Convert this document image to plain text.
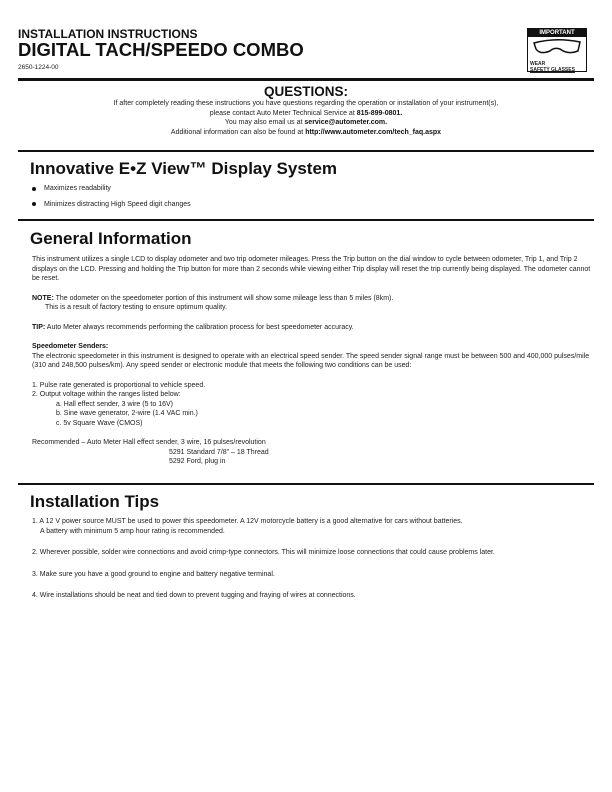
INSTALLATION INSTRUCTIONS
DIGITAL TACH/SPEEDO COMBO
2650-1224-00
IMPORTANT
WEAR
SAFETY GLASSES
QUESTIONS:
If after completely reading these instructions you have questions regarding the operation or installation of your instrument(s),
please contact Auto Meter Technical Service at 815-899-0801.
You may also email us at service@autometer.com.
Additional information can also be found at http://www.autometer.com/tech_faq.aspx
Innovative E•Z View™ Display System
Maximizes readability
Minimizes distracting High Speed digit changes
General Information

This instrument utilizes a single LCD to display odometer and two trip odometer mileages. Press the Trip button on the dial window to cycle between odometer, Trip 1, and Trip 2 displays on the LCD. Pressing and holding the Trip button for more than 2 seconds while viewing either Trip display will reset the trip currently being displayed. The odometer cannot be reset.

NOTE: The odometer on the speedometer portion of this instrument will show some mileage less than 5 miles (8km).

This is a result of factory testing to ensure optimum quality.

TIP: Auto Meter always recommends performing the calibration process for best speedometer accuracy.

Speedometer Senders:

The electronic speedometer in this instrument is designed to operate with an electrical speed sender. The speed sender signal range must be between 500 and 400,000 pulses/mile (310 and 248,500 pulses/km). Any speed sender or electronic module that meets the following two conditions can be used:

1. Pulse rate generated is proportional to vehicle speed.
2. Output voltage within the ranges listed below:
a. Hall effect sender, 3 wire (5 to 16V)
b. Sine wave generator, 2-wire (1.4 VAC min.)
c. 5v Square Wave (CMOS)
Recommended – Auto Meter Hall effect sender, 3 wire, 16 pulses/revolution
5291 Standard 7/8" – 18 Thread
5292 Ford, plug in
Installation Tips
1. A 12 V power source MUST be used to power this speedometer. A 12V motorcycle battery is a good alternative for cars without batteries.
A battery with minimum 5 amp hour rating is recommended.
2. Wherever possible, solder wire connections and avoid crimp-type connectors. This will minimize loose connections that could cause problems later.
3. Make sure you have a good ground to engine and battery negative terminal.
4. Wire installations should be neat and tied down to prevent tugging and fraying of wires at connections.
